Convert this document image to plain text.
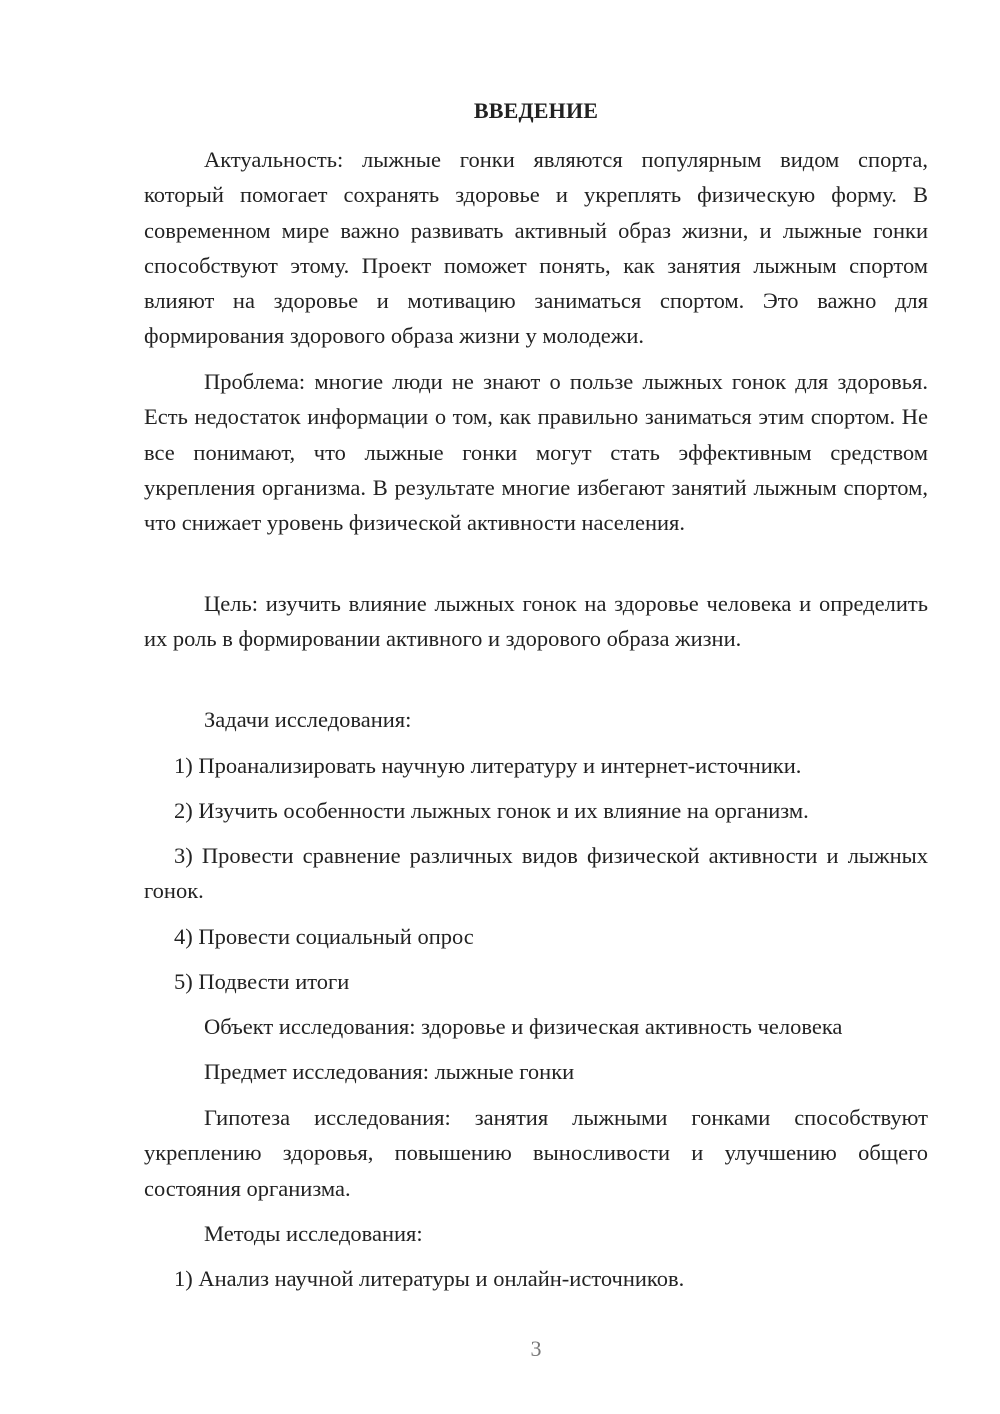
ВВЕДЕНИЕ

Актуальность: лыжные гонки являются популярным видом спорта, который помогает сохранять здоровье и укреплять физическую форму. В современном мире важно развивать активный образ жизни, и лыжные гонки способствуют этому. Проект поможет понять, как занятия лыжным спортом влияют на здоровье и мотивацию заниматься спортом. Это важно для формирования здорового образа жизни у молодежи.

Проблема: многие люди не знают о пользе лыжных гонок для здоровья. Есть недостаток информации о том, как правильно заниматься этим спортом. Не все понимают, что лыжные гонки могут стать эффективным средством укрепления организма. В результате многие избегают занятий лыжным спортом, что снижает уровень физической активности населения.

Цель: изучить влияние лыжных гонок на здоровье человека и определить их роль в формировании активного и здорового образа жизни.

Задачи исследования:

1) Проанализировать научную литературу и интернет-источники.

2) Изучить особенности лыжных гонок и их влияние на организм.

3) Провести сравнение различных видов физической активности и лыжных гонок.

4) Провести социальный опрос

5) Подвести итоги

Объект исследования: здоровье и физическая активность человека

Предмет исследования: лыжные гонки

Гипотеза исследования: занятия лыжными гонками способствуют укреплению здоровья, повышению выносливости и улучшению общего состояния организма.

Методы исследования:

1) Анализ научной литературы и онлайн-источников.

3
